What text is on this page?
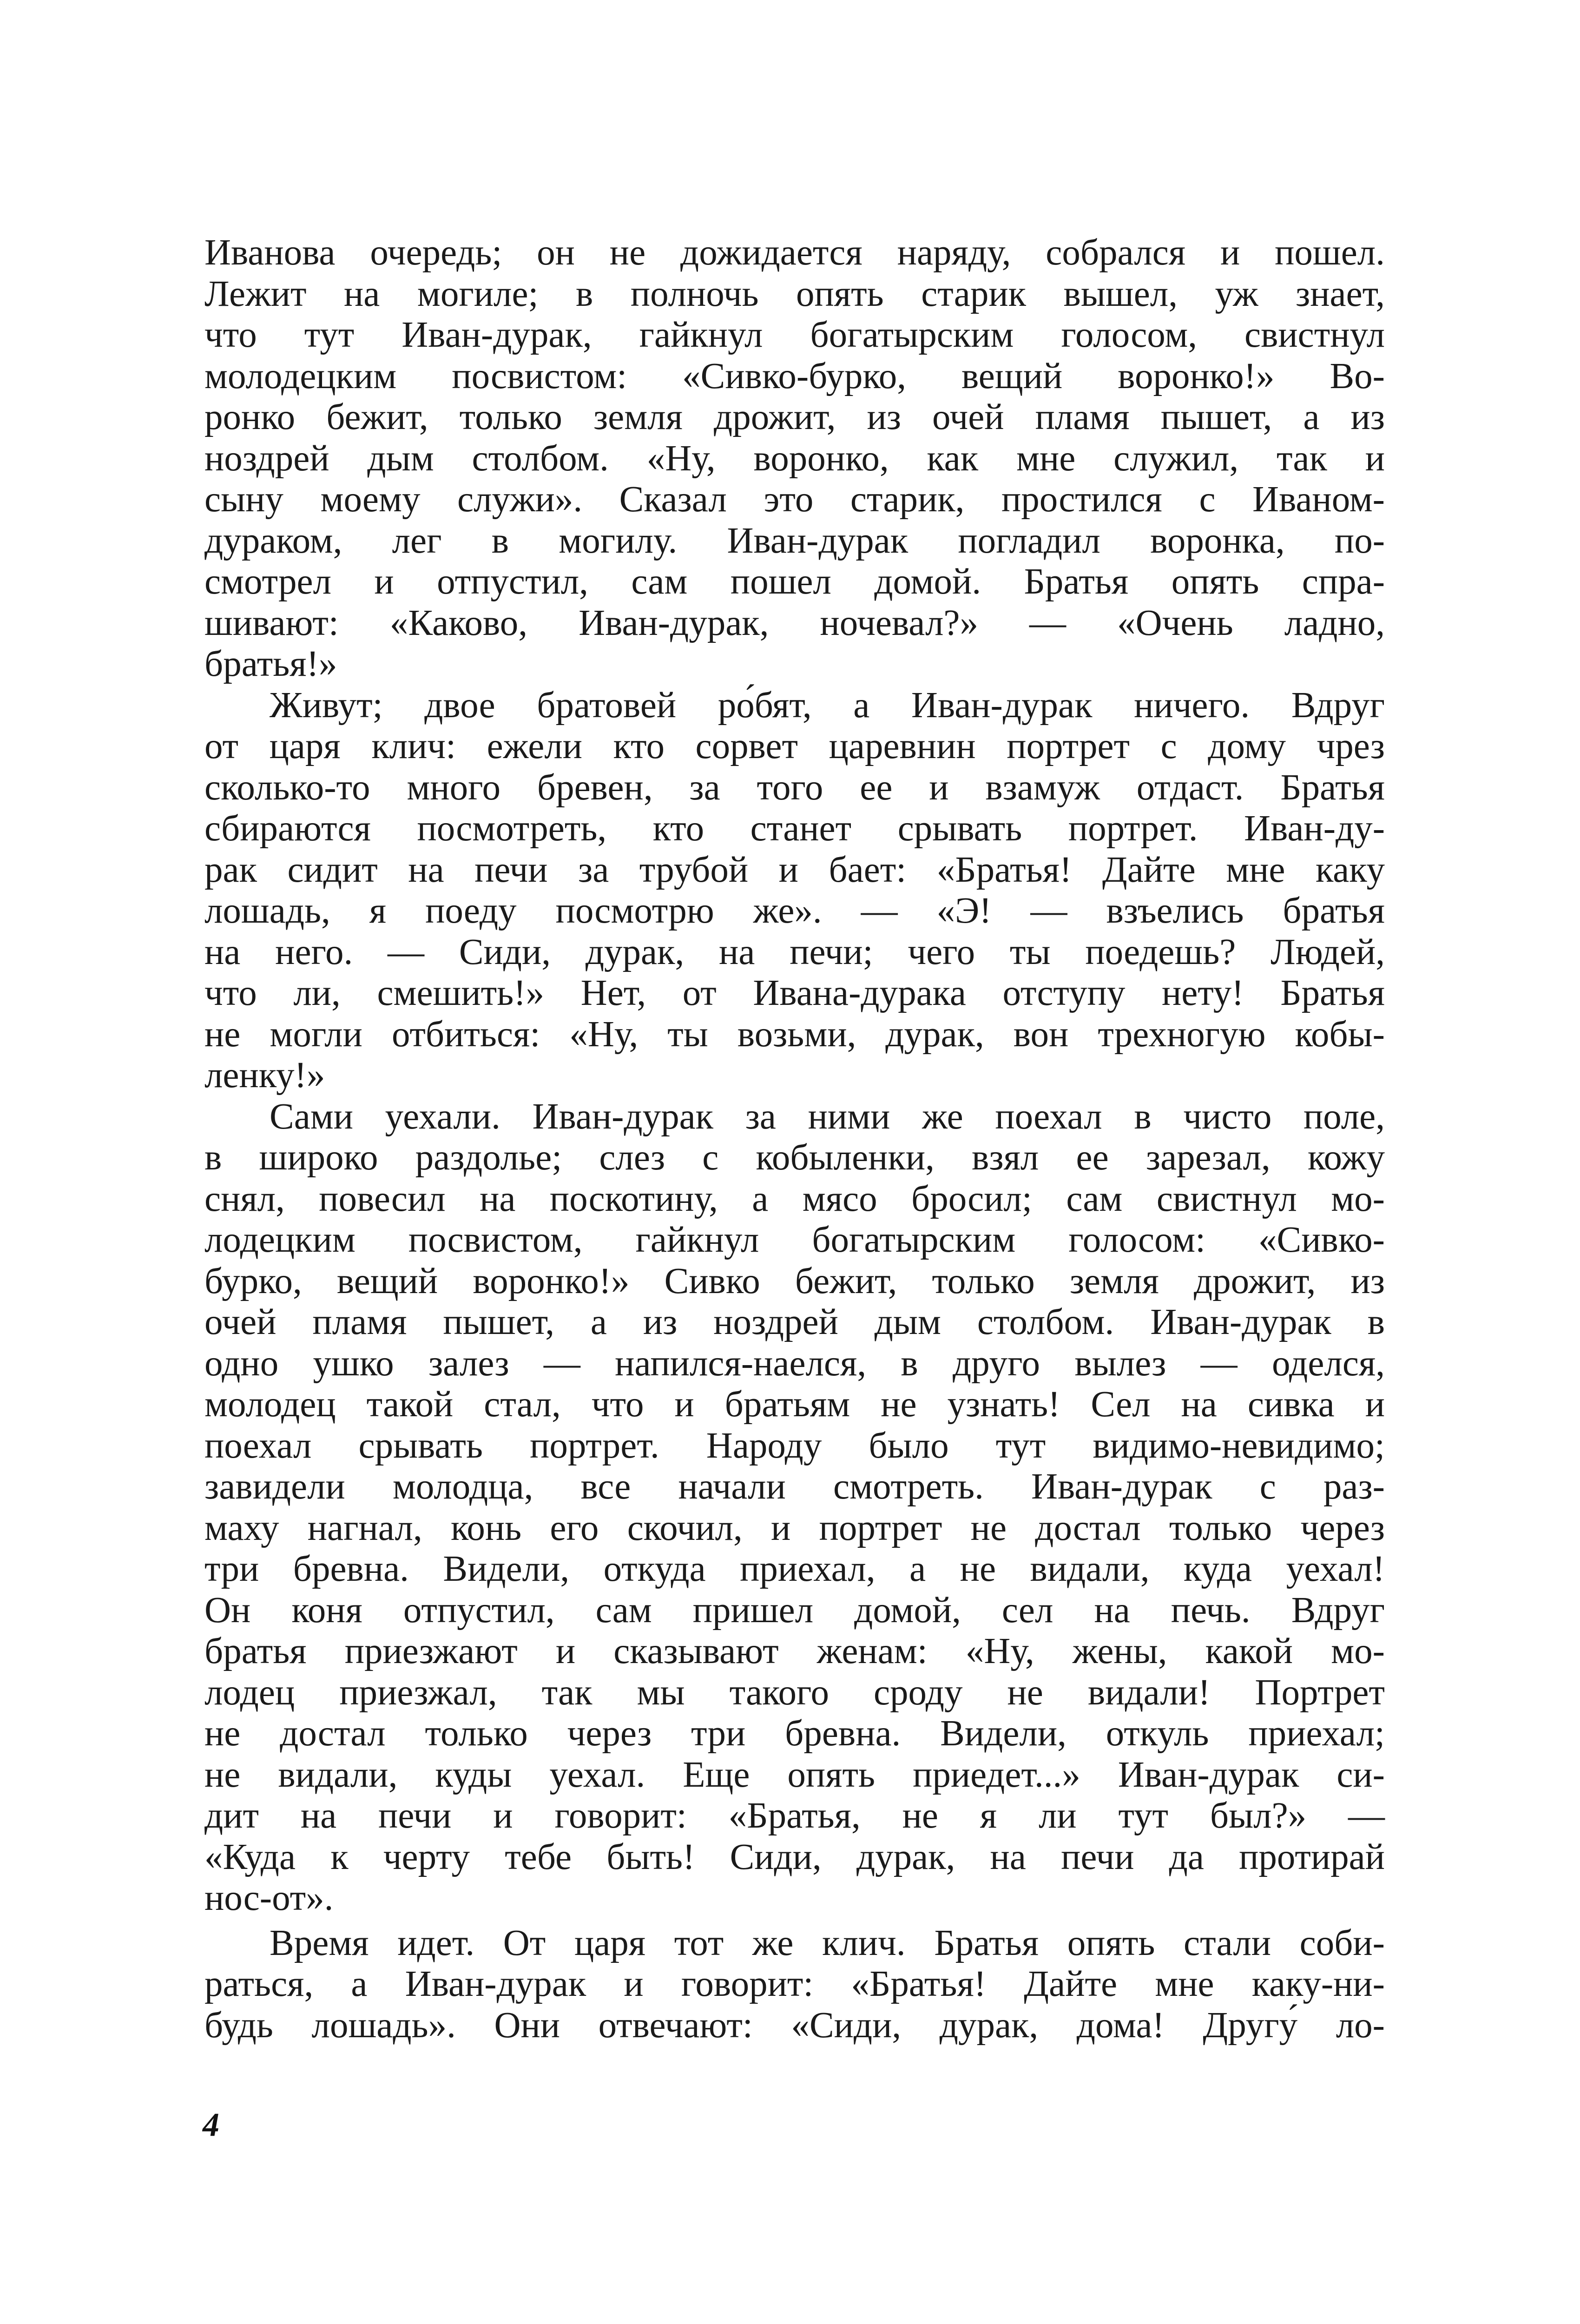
Иванова очередь; он не дожидается наряду, собрался и пошел.
Лежит на могиле; в полночь опять старик вышел, уж знает,
что тут Иван-дурак, гайкнул богатырским голосом, свистнул
молодецким посвистом: «Сивко-бурко, вещий воронко!» Во-
ронко бежит, только земля дрожит, из очей пламя пышет, а из
ноздрей дым столбом. «Ну, воронко, как мне служил, так и
сыну моему служи». Сказал это старик, простился с Иваном-
дураком, лег в могилу. Иван-дурак погладил воронка, по-
смотрел и отпустил, сам пошел домой. Братья опять спра-
шивают: «Каково, Иван-дурак, ночевал?» — «Очень ладно,
братья!»
Живут; двое братовей ро́бят, а Иван-дурак ничего. Вдруг
от царя клич: ежели кто сорвет царевнин портрет с дому чрез
сколько-то много бревен, за того ее и взамуж отдаст. Братья
сбираются посмотреть, кто станет срывать портрет. Иван-ду-
рак сидит на печи за трубой и бает: «Братья! Дайте мне каку
лошадь, я поеду посмотрю же». — «Э! — взъелись братья
на него. — Сиди, дурак, на печи; чего ты поедешь? Людей,
что ли, смешить!» Нет, от Ивана-дурака отступу нету! Братья
не могли отбиться: «Ну, ты возьми, дурак, вон трехногую кобы-
ленку!»
Сами уехали. Иван-дурак за ними же поехал в чисто поле,
в широко раздолье; слез с кобыленки, взял ее зарезал, кожу
снял, повесил на поскотину, а мясо бросил; сам свистнул мо-
лодецким посвистом, гайкнул богатырским голосом: «Сивко-
бурко, вещий воронко!» Сивко бежит, только земля дрожит, из
очей пламя пышет, а из ноздрей дым столбом. Иван-дурак в
одно ушко залез — напился-наелся, в друго вылез — оделся,
молодец такой стал, что и братьям не узнать! Сел на сивка и
поехал срывать портрет. Народу было тут видимо-невидимо;
завидели молодца, все начали смотреть. Иван-дурак с раз-
маху нагнал, конь его скочил, и портрет не достал только через
три бревна. Видели, откуда приехал, а не видали, куда уехал!
Он коня отпустил, сам пришел домой, сел на печь. Вдруг
братья приезжают и сказывают женам: «Ну, жены, какой мо-
лодец приезжал, так мы такого сроду не видали! Портрет
не достал только через три бревна. Видели, откуль приехал;
не видали, куды уехал. Еще опять приедет...» Иван-дурак си-
дит на печи и говорит: «Братья, не я ли тут был?» —
«Куда к черту тебе быть! Сиди, дурак, на печи да протирай
нос-от».
Время идет. От царя тот же клич. Братья опять стали соби-
раться, а Иван-дурак и говорит: «Братья! Дайте мне каку-ни-
будь лошадь». Они отвечают: «Сиди, дурак, дома! Другу́ ло-
4
